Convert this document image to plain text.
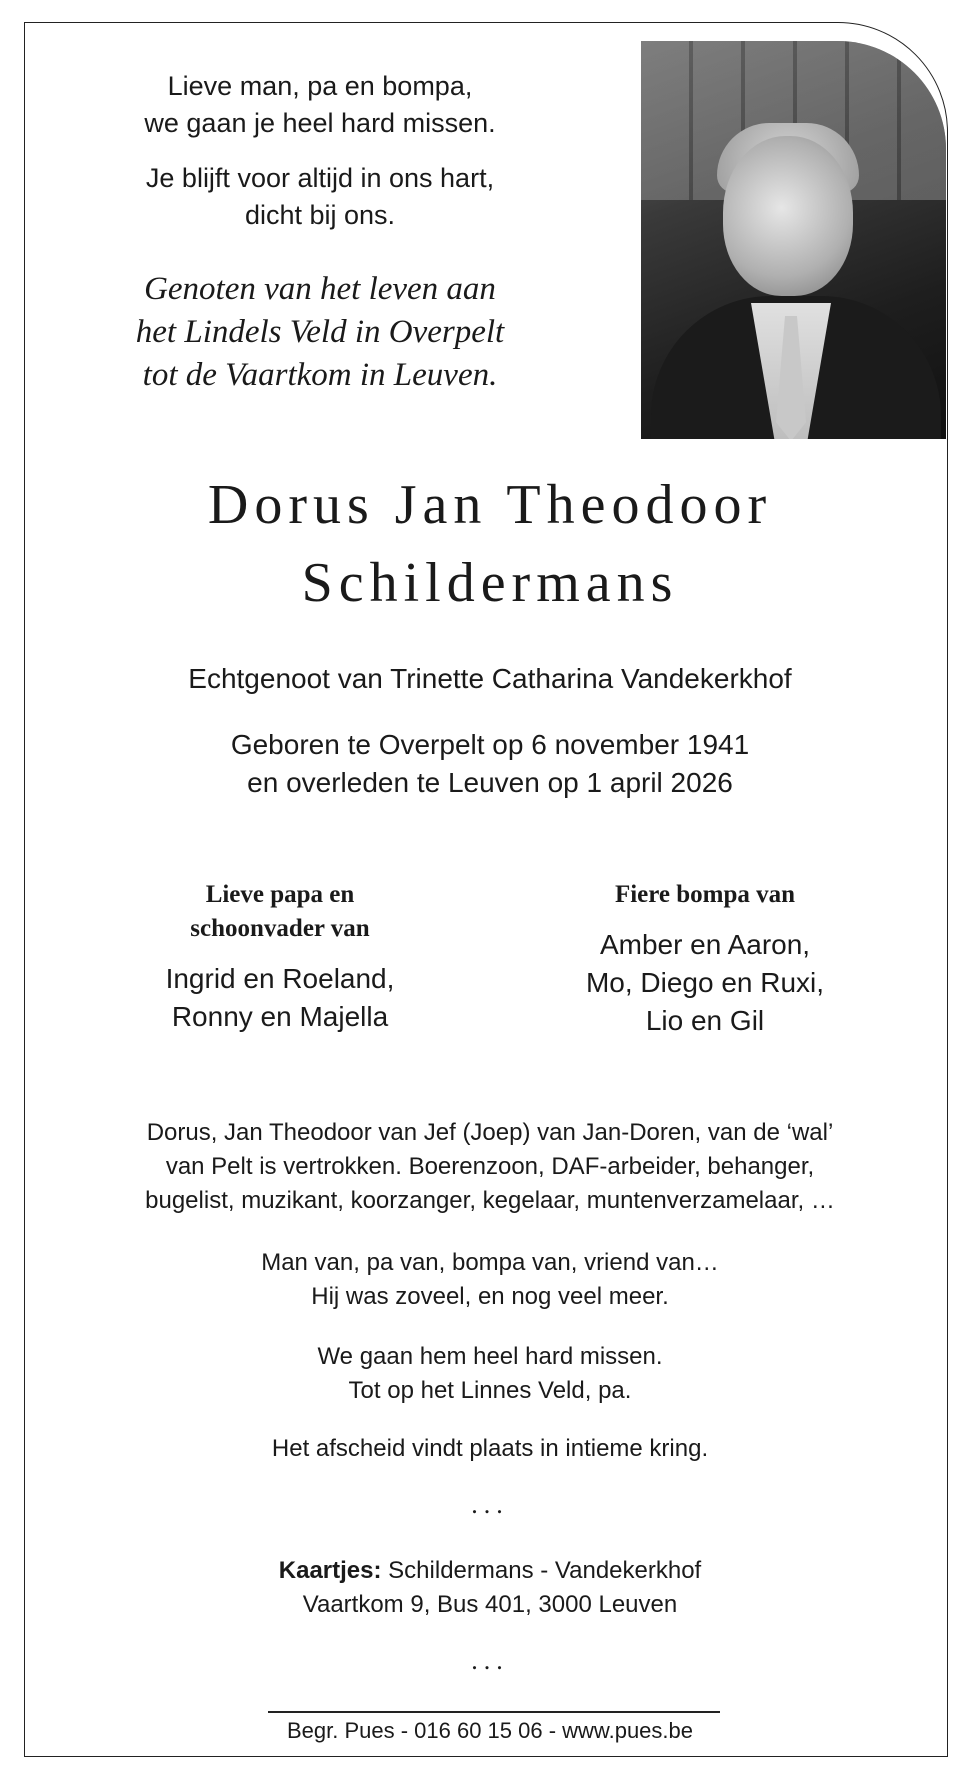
Lieve man, pa en bompa,
we gaan je heel hard missen.
Je blijft voor altijd in ons hart,
dicht bij ons.
Genoten van het leven aan
het Lindels Veld in Overpelt
tot de Vaartkom in Leuven.
Dorus Jan Theodoor
Schildermans
Echtgenoot van Trinette Catharina Vandekerkhof
Geboren te Overpelt op 6 november 1941
en overleden te Leuven op 1 april 2026
Lieve papa en
schoonvader van
Ingrid en Roeland,
Ronny en Majella
Fiere bompa van
Amber en Aaron,
Mo, Diego en Ruxi,
Lio en Gil
Dorus, Jan Theodoor van Jef (Joep) van Jan-Doren, van de ‘wal’
van Pelt is vertrokken. Boerenzoon, DAF-arbeider, behanger,
bugelist, muzikant, koorzanger, kegelaar, muntenverzamelaar, …
Man van, pa van, bompa van, vriend van…
Hij was zoveel, en nog veel meer.
We gaan hem heel hard missen.
Tot op het Linnes Veld, pa.
Het afscheid vindt plaats in intieme kring.
...
Kaartjes: Schildermans - Vandekerkhof
Vaartkom 9, Bus 401, 3000 Leuven
...
Begr. Pues - 016 60 15 06 - www.pues.be
